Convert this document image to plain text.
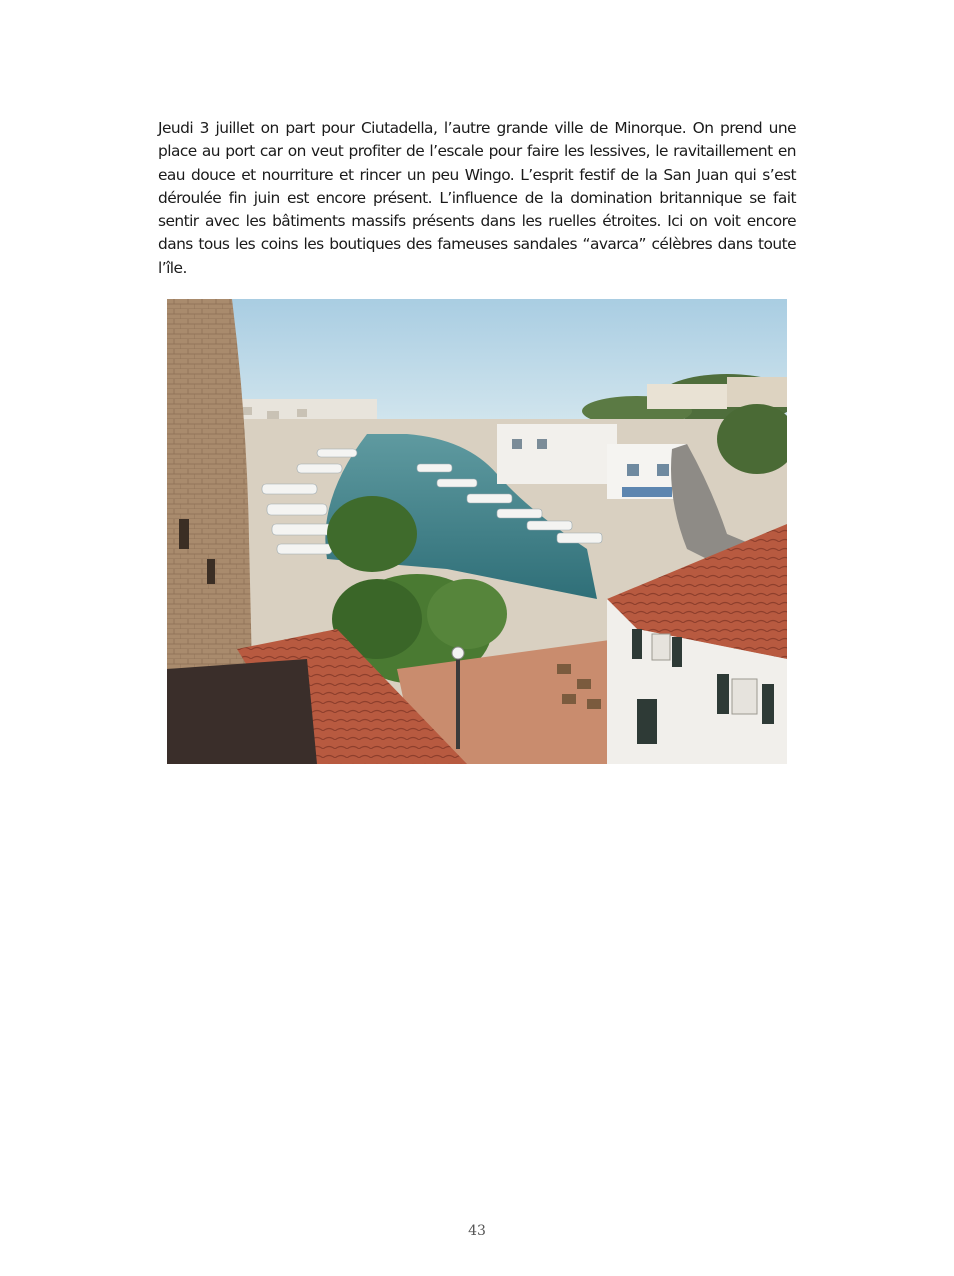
Jeudi 3 juillet on part pour Ciutadella, l’autre grande ville de Minorque. On prend une place au port car on veut profiter de l’escale pour faire les lessives, le ravitaillement en eau douce et nourriture et rincer un peu Wingo. L’esprit festif de la San Juan qui s’est déroulée fin juin est encore présent. L’influence de la domination britannique se fait sentir avec les bâtiments massifs présents dans les ruelles étroites. Ici on voit encore dans tous les coins les boutiques des fameuses sandales “avarca” célèbres dans toute l’île.

43
